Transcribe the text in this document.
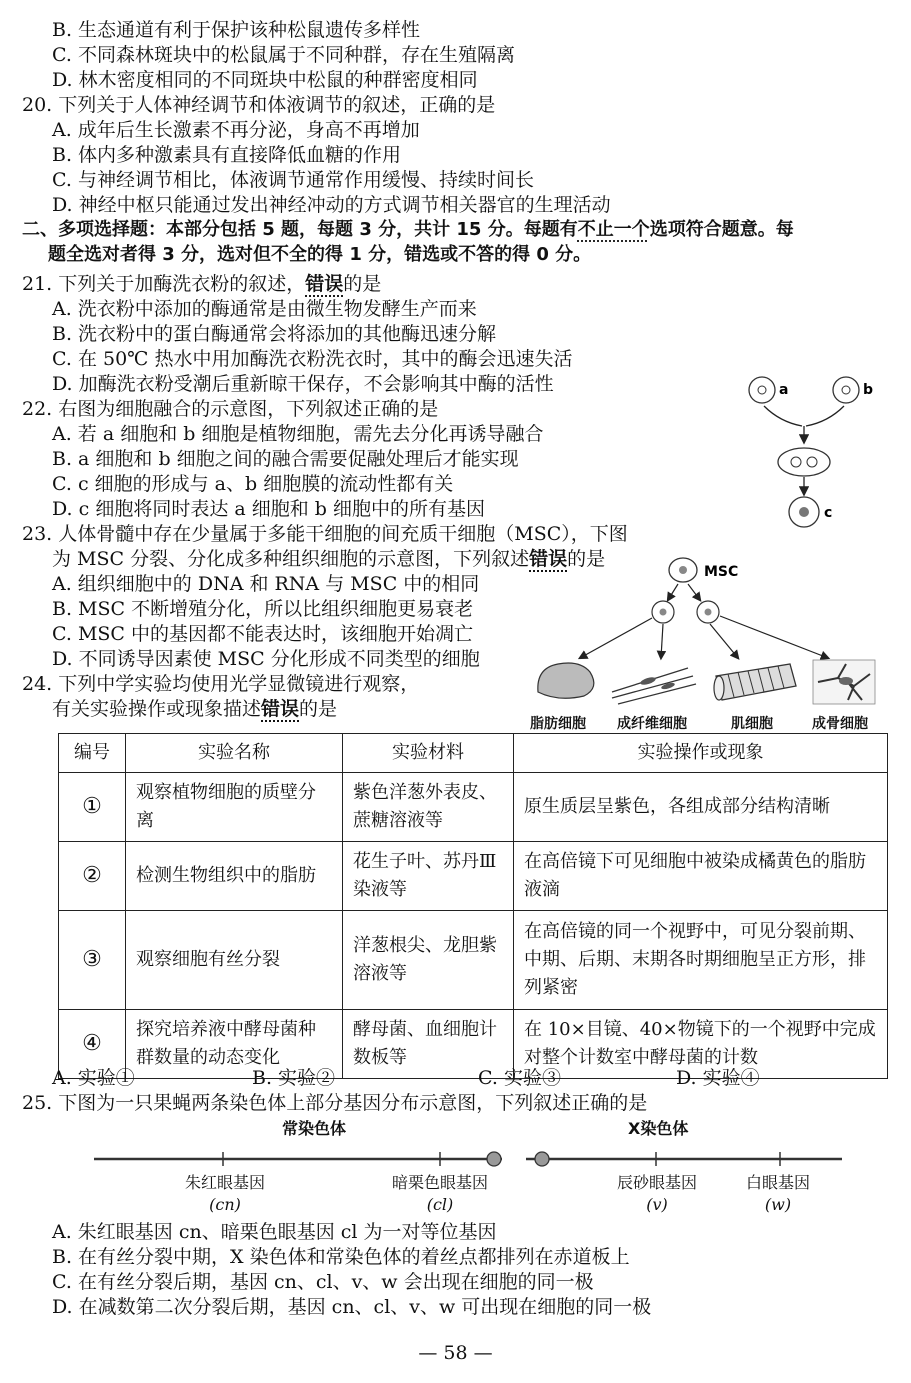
B. 生态通道有利于保护该种松鼠遗传多样性
C. 不同森林斑块中的松鼠属于不同种群，存在生殖隔离
D. 林木密度相同的不同斑块中松鼠的种群密度相同
20. 下列关于人体神经调节和体液调节的叙述，正确的是
A. 成年后生长激素不再分泌，身高不再增加
B. 体内多种激素具有直接降低血糖的作用
C. 与神经调节相比，体液调节通常作用缓慢、持续时间长
D. 神经中枢只能通过发出神经冲动的方式调节相关器官的生理活动
二、多项选择题：本部分包括 5 题，每题 3 分，共计 15 分。每题有不止一个选项符合题意。每
题全选对者得 3 分，选对但不全的得 1 分，错选或不答的得 0 分。
21. 下列关于加酶洗衣粉的叙述，错误的是
A. 洗衣粉中添加的酶通常是由微生物发酵生产而来
B. 洗衣粉中的蛋白酶通常会将添加的其他酶迅速分解
C. 在 50℃ 热水中用加酶洗衣粉洗衣时，其中的酶会迅速失活
D. 加酶洗衣粉受潮后重新晾干保存，不会影响其中酶的活性
22. 右图为细胞融合的示意图，下列叙述正确的是
A. 若 a 细胞和 b 细胞是植物细胞，需先去分化再诱导融合
B. a 细胞和 b 细胞之间的融合需要促融处理后才能实现
C. c 细胞的形成与 a、b 细胞膜的流动性都有关
D. c 细胞将同时表达 a 细胞和 b 细胞中的所有基因
a	b
c
23. 人体骨髓中存在少量属于多能干细胞的间充质干细胞（MSC），下图
为 MSC 分裂、分化成多种组织细胞的示意图，下列叙述错误的是
A. 组织细胞中的 DNA 和 RNA 与 MSC 中的相同
B. MSC 不断增殖分化，所以比组织细胞更易衰老
C. MSC 中的基因都不能表达时，该细胞开始凋亡
D. 不同诱导因素使 MSC 分化形成不同类型的细胞
MSC
脂肪细胞 成纤维细胞	肌细胞	成骨细胞
24. 下列中学实验均使用光学显微镜进行观察，
有关实验操作或现象描述错误的是
编号	实验名称	实验材料	实验操作或现象
①	观察植物细胞的质壁分离	紫色洋葱外表皮、蔗糖溶液等	原生质层呈紫色，各组成部分结构清晰
②	检测生物组织中的脂肪	花生子叶、苏丹Ⅲ染液等	在高倍镜下可见细胞中被染成橘黄色的脂肪液滴
③	观察细胞有丝分裂	洋葱根尖、龙胆紫溶液等	在高倍镜的同一个视野中，可见分裂前期、中期、后期、末期各时期细胞呈正方形，排列紧密
④	探究培养液中酵母菌种群数量的动态变化	酵母菌、血细胞计数板等	在 10×目镜、40×物镜下的一个视野中完成对整个计数室中酵母菌的计数
A. 实验①	B. 实验②	C. 实验③	D. 实验④
25. 下图为一只果蝇两条染色体上部分基因分布示意图，下列叙述正确的是
常染色体	X染色体
朱红眼基因
(cn)
暗栗色眼基因
(cl)
辰砂眼基因
(v)
白眼基因
(w)
A. 朱红眼基因 cn、暗栗色眼基因 cl 为一对等位基因
B. 在有丝分裂中期，X 染色体和常染色体的着丝点都排列在赤道板上
C. 在有丝分裂后期，基因 cn、cl、v、w 会出现在细胞的同一极
D. 在减数第二次分裂后期，基因 cn、cl、v、w 可出现在细胞的同一极
— 58 —
